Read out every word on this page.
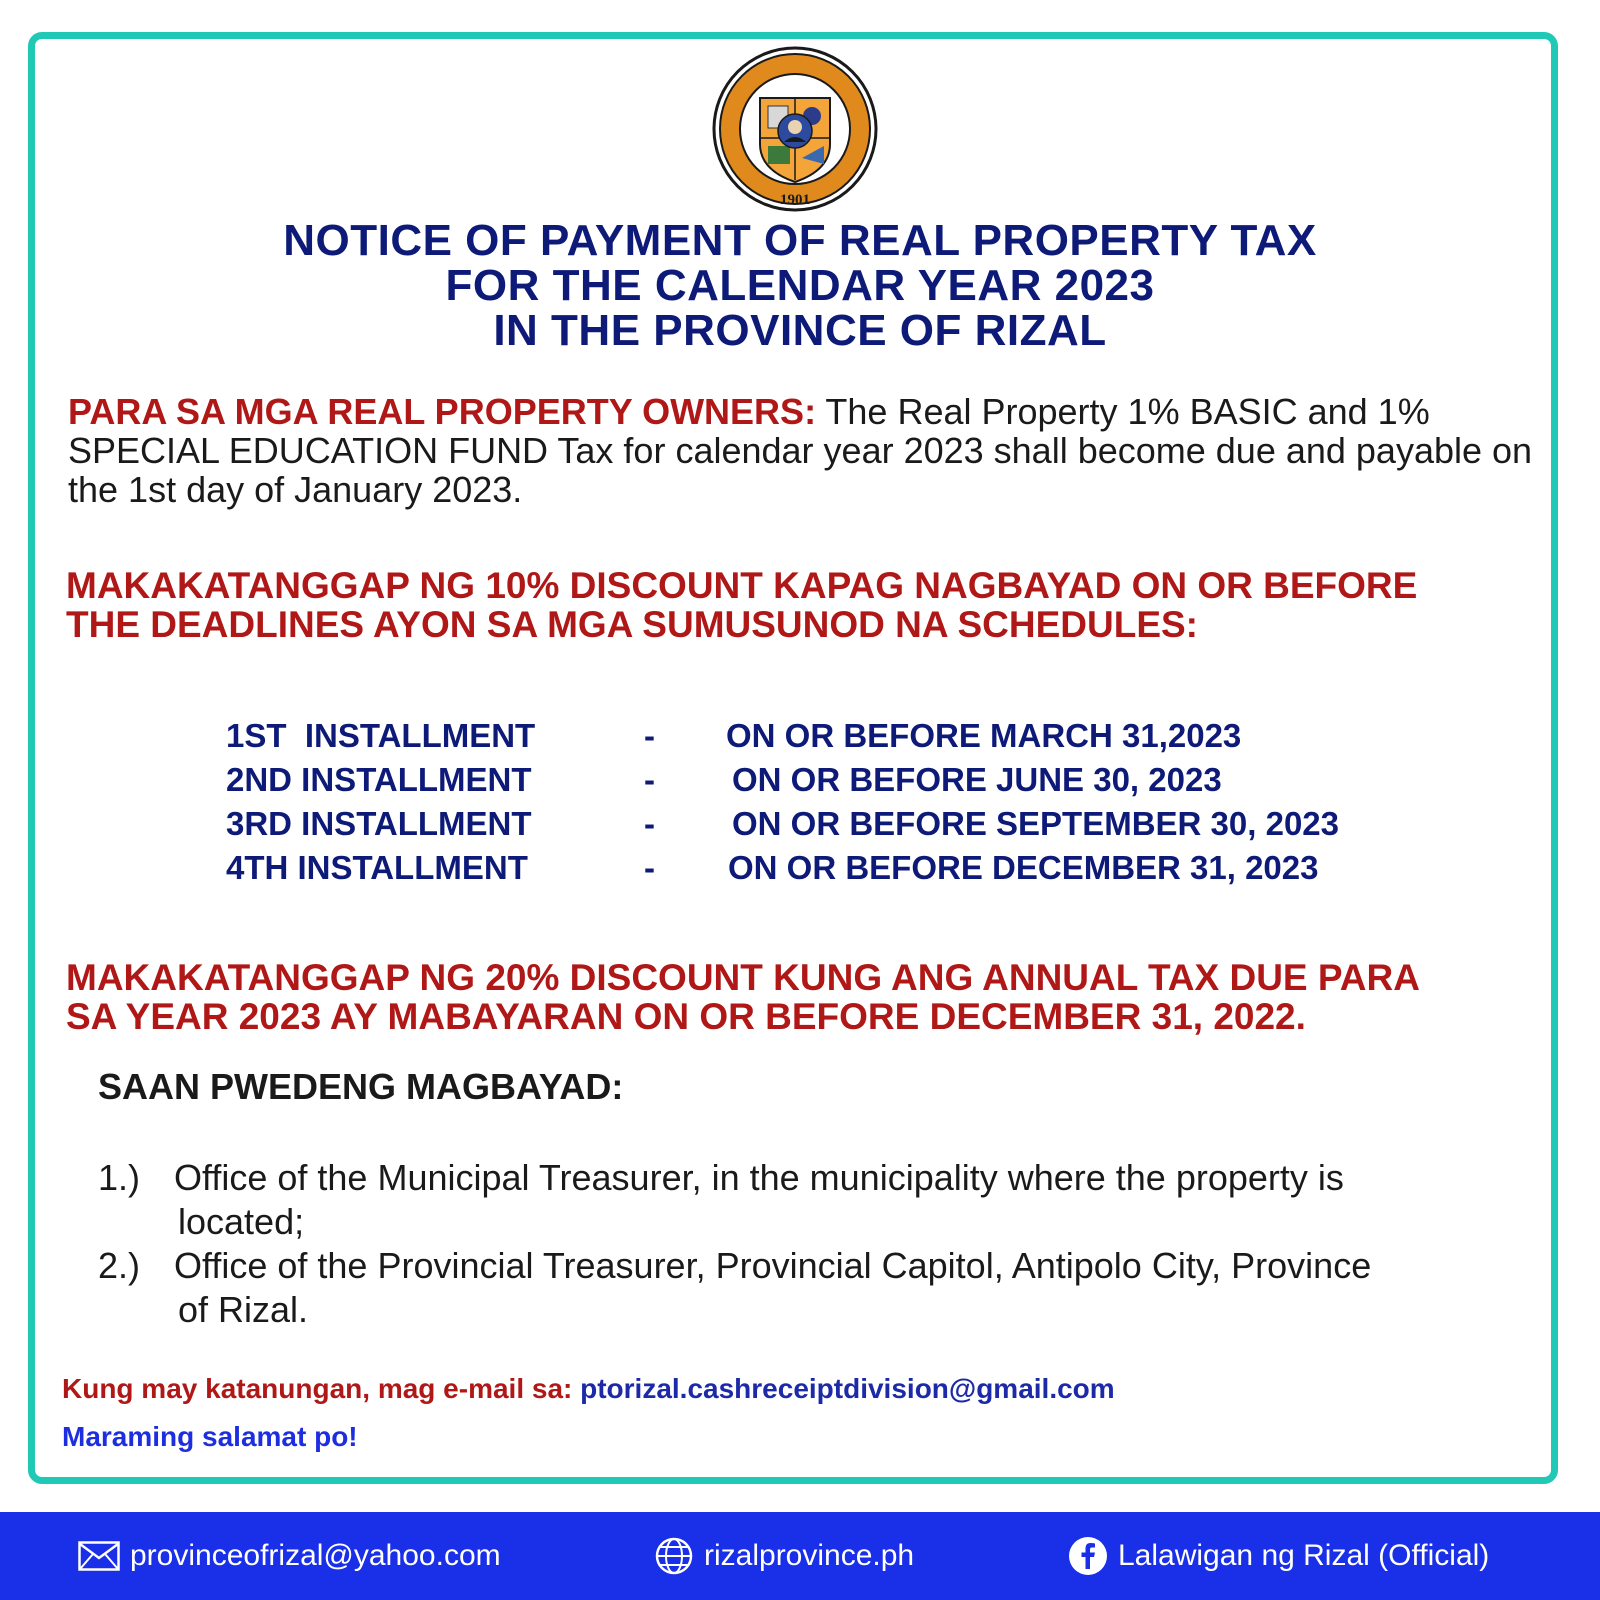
1901
NOTICE OF PAYMENT OF REAL PROPERTY TAX
FOR THE CALENDAR YEAR 2023
IN THE PROVINCE OF RIZAL
PARA SA MGA REAL PROPERTY OWNERS: The Real Property 1% BASIC and 1% SPECIAL EDUCATION FUND Tax for calendar year 2023 shall become due and payable on the 1st day of January 2023.
MAKAKATANGGAP NG 10% DISCOUNT KAPAG NAGBAYAD ON OR BEFORE
THE DEADLINES AYON SA MGA SUMUSUNOD NA SCHEDULES:
1ST  INSTALLMENT	- ON OR BEFORE MARCH 31,2023
2ND INSTALLMENT	- ON OR BEFORE JUNE 30, 2023
3RD INSTALLMENT	- ON OR BEFORE SEPTEMBER 30, 2023
4TH INSTALLMENT	- ON OR BEFORE DECEMBER 31, 2023
MAKAKATANGGAP NG 20% DISCOUNT KUNG ANG ANNUAL TAX DUE PARA
SA YEAR 2023 AY MABAYARAN ON OR BEFORE DECEMBER 31, 2022.
SAAN PWEDENG MAGBAYAD:
1.) Office of the Municipal Treasurer, in the municipality where the property is
located;
2.) Office of the Provincial Treasurer, Provincial Capitol, Antipolo City, Province
of Rizal.
Kung may katanungan, mag e-mail sa: ptorizal.cashreceiptdivision@gmail.com
Maraming salamat po!
provinceofrizal@yahoo.com	rizalprovince.ph	Lalawigan ng Rizal (Official)
